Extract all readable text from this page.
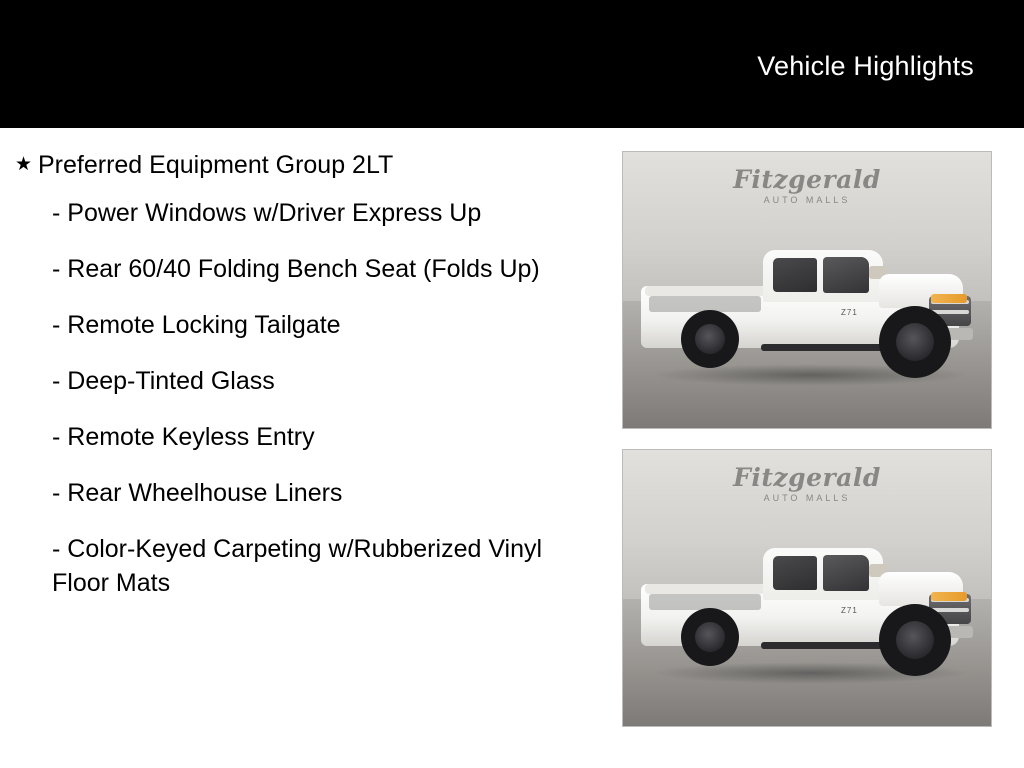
Vehicle Highlights
★ Preferred Equipment Group 2LT
- Power Windows w/Driver Express Up
- Rear 60/40 Folding Bench Seat (Folds Up)
- Remote Locking Tailgate
- Deep-Tinted Glass
- Remote Keyless Entry
- Rear Wheelhouse Liners
- Color-Keyed Carpeting w/Rubberized Vinyl Floor Mats
Fitzgerald
AUTO MALLS
Z71
Fitzgerald
AUTO MALLS
Z71
